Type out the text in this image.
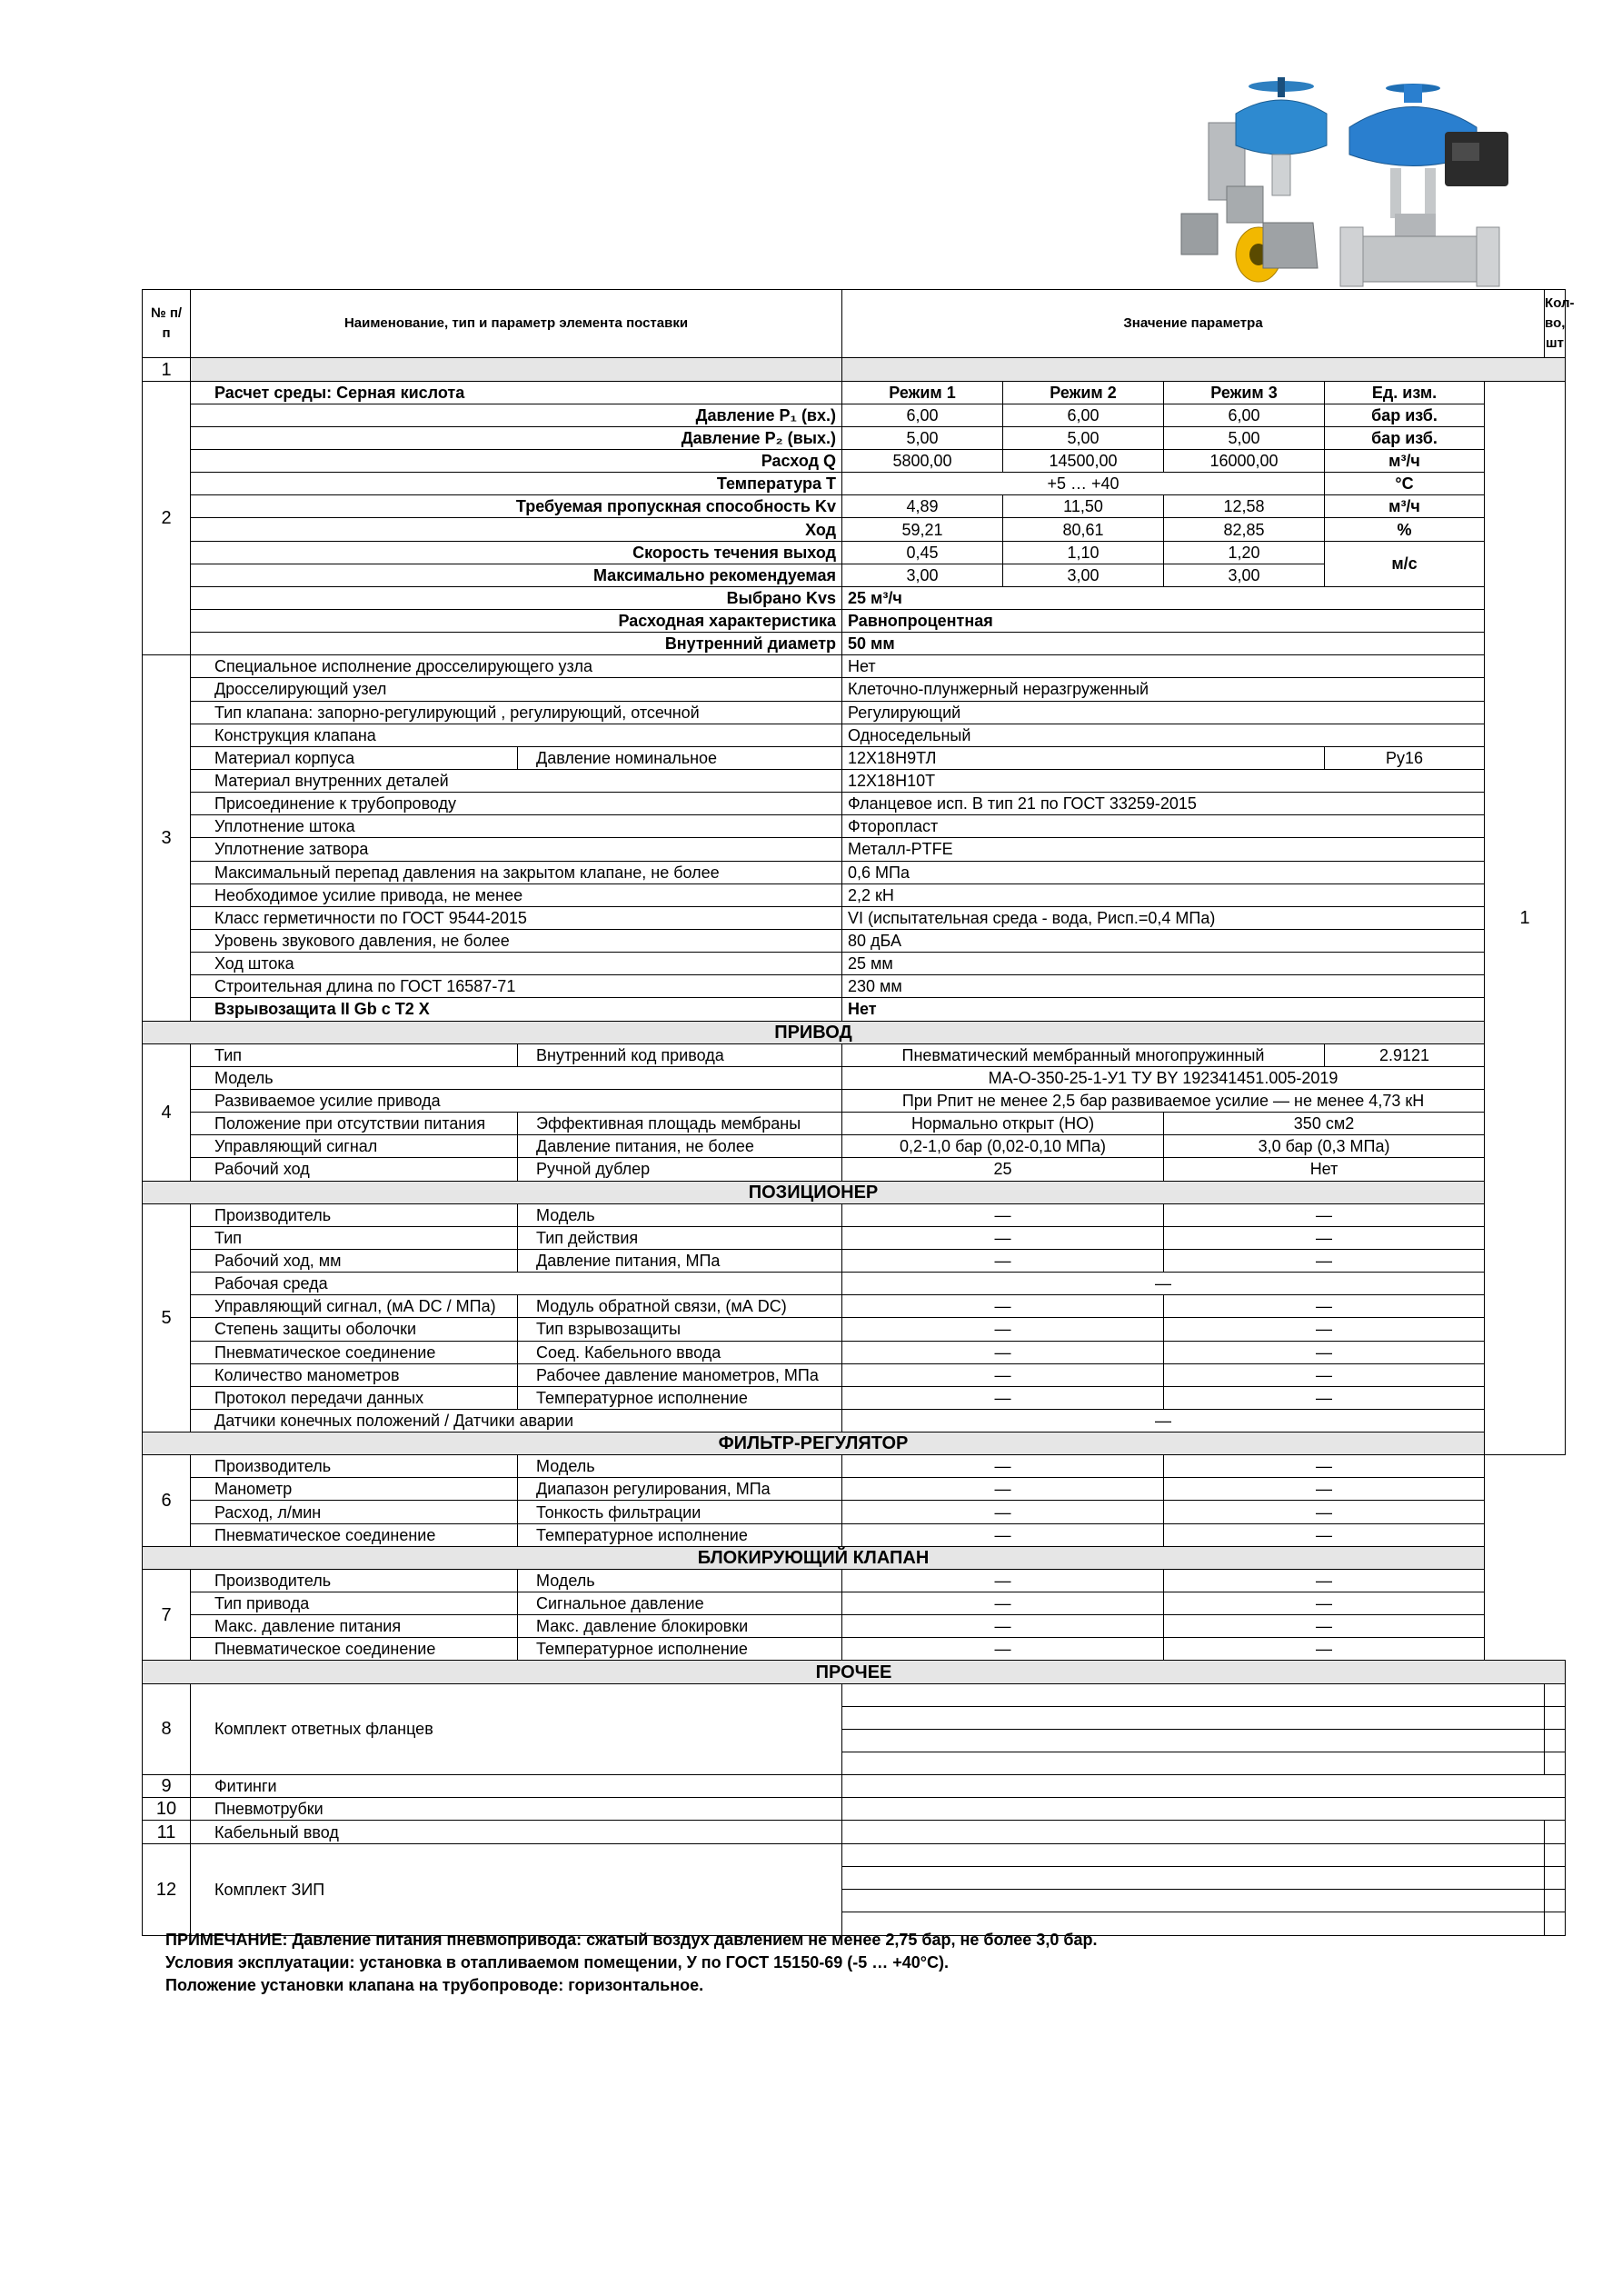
№ п/п	Наименование, тип и параметр элемента поставки		Значение параметра					Кол-во, шт
1								
2	Расчет среды: Серная кислота		Режим 1	Режим 2	Режим 3	Ед. изм.	1	
	Давление P₁ (вх.)		6,00	6,00	6,00	бар изб.		
	Давление P₂ (вых.)		5,00	5,00	5,00	бар изб.		
	Расход Q		5800,00	14500,00	16000,00	м³/ч		
	Температура T		+5 … +40			°С		
	Требуемая пропускная способность Kv		4,89	11,50	12,58	м³/ч		
	Ход		59,21	80,61	82,85	%		
	Скорость течения выход		0,45	1,10	1,20	м/с		
	Максимально рекомендуемая		3,00	3,00	3,00			
	Выбрано Kvs		25 м³/ч					
	Расходная характеристика		Равнопроцентная					
	Внутренний диаметр		50 мм					
3	Специальное исполнение дросселирующего узла		Нет					
	Дросселирующий узел		Клеточно-плунжерный неразгруженный					
	Тип клапана: запорно-регулирующий , регулирующий, отсечной		Регулирующий					
	Конструкция клапана		Односедельный					
	Материал корпуса	Давление номинальное	12Х18Н9ТЛ			Ру16		
	Материал внутренних деталей		12Х18Н10Т					
	Присоединение к трубопроводу		Фланцевое исп. В тип 21 по ГОСТ 33259-2015					
	Уплотнение штока		Фторопласт					
	Уплотнение затвора		Металл-PTFE					
	Максимальный перепад давления на закрытом клапане, не более		0,6 МПа					
	Необходимое усилие привода, не менее		2,2 кН					
	Класс герметичности по ГОСТ 9544-2015		VI (испытательная среда - вода, Рисп.=0,4 МПа)					
	Уровень звукового давления, не более		80 дБА					
	Ход штока		25 мм					
	Строительная длина по ГОСТ 16587-71		230 мм					
	Взрывозащита II Gb c T2 X		Нет					
ПРИВОД								
4	Тип	Внутренний код привода	Пневматический мембранный многопружинный			2.9121		
	Модель		МА-О-350-25-1-У1 ТУ BY 192341451.005-2019					
	Развиваемое усилие привода		При Рпит не менее 2,5 бар развиваемое усилие — не менее 4,73 кН					
	Положение при отсутствии питания	Эффективная площадь мембраны	Нормально открыт (НО)		350 см2			
	Управляющий сигнал	Давление питания, не более	0,2-1,0 бар (0,02-0,10 МПа)		3,0 бар (0,3 МПа)			
	Рабочий ход	Ручной дублер	25		Нет			
ПОЗИЦИОНЕР								
5	Производитель	Модель	—		—			
	Тип	Тип действия	—		—			
	Рабочий ход, мм	Давление питания, МПа	—		—			
	Рабочая среда		—					
	Управляющий сигнал, (мА DC / МПа)	Модуль обратной связи, (мА DC)	—		—			
	Степень защиты оболочки	Тип взрывозащиты	—		—			
	Пневматическое соединение	Соед. Кабельного ввода	—		—			
	Количество манометров	Рабочее давление манометров, МПа	—		—			
	Протокол передачи данных	Температурное исполнение	—		—			
	Датчики конечных положений / Датчики аварии		—					
ФИЛЬТР-РЕГУЛЯТОР								
6	Производитель	Модель	—		—			
	Манометр	Диапазон регулирования, МПа	—		—			
	Расход, л/мин	Тонкость фильтрации	—		—			
	Пневматическое соединение	Температурное исполнение	—		—			
БЛОКИРУЮЩИЙ КЛАПАН								
7	Производитель	Модель	—		—			
	Тип привода	Сигнальное давление	—		—			
	Макс. давление питания	Макс. давление блокировки	—		—			
	Пневматическое соединение	Температурное исполнение	—		—			
ПРОЧЕЕ								
8	Комплект ответных фланцев							

9	Фитинги							
10	Пневмотрубки							
11	Кабельный ввод							
12	Комплект ЗИП							

ПРИМЕЧАНИЕ: Давление питания пневмопривода: сжатый воздух давлением не менее 2,75 бар, не более 3,0 бар.
Условия эксплуатации: установка в отапливаемом помещении, У по ГОСТ 15150-69 (-5 … +40°C).
Положение установки клапана на трубопроводе: горизонтальное.
